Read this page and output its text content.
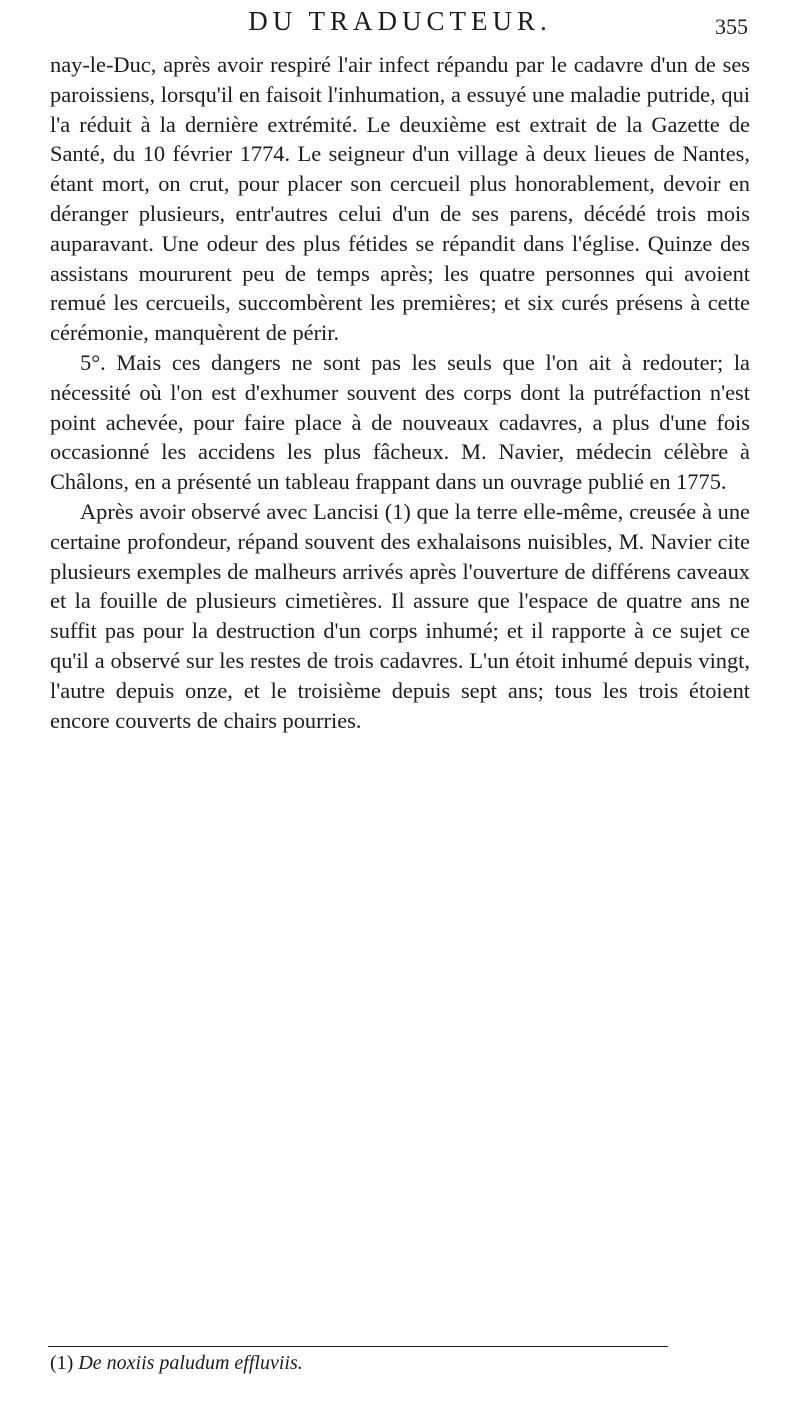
DU TRADUCTEUR.	355

nay-le-Duc, après avoir respiré l'air infect répandu par le cadavre d'un de ses paroissiens, lorsqu'il en faisoit l'inhumation, a essuyé une maladie putride, qui l'a réduit à la dernière extrémité. Le deuxième est extrait de la Gazette de Santé, du 10 février 1774. Le seigneur d'un village à deux lieues de Nantes, étant mort, on crut, pour placer son cercueil plus honorablement, devoir en déranger plusieurs, entr'autres celui d'un de ses parens, décédé trois mois auparavant. Une odeur des plus fétides se répandit dans l'église. Quinze des assistans moururent peu de temps après; les quatre personnes qui avoient remué les cercueils, succombèrent les premières; et six curés présens à cette cérémonie, manquèrent de périr.

5°. Mais ces dangers ne sont pas les seuls que l'on ait à redouter; la nécessité où l'on est d'exhumer souvent des corps dont la putréfaction n'est point achevée, pour faire place à de nouveaux cadavres, a plus d'une fois occasionné les accidens les plus fâcheux. M. Navier, médecin célèbre à Châlons, en a présenté un tableau frappant dans un ouvrage publié en 1775.

Après avoir observé avec Lancisi (1) que la terre elle-même, creusée à une certaine profondeur, répand souvent des exhalaisons nuisibles, M. Navier cite plusieurs exemples de malheurs arrivés après l'ouverture de différens caveaux et la fouille de plusieurs cimetières. Il assure que l'espace de quatre ans ne suffit pas pour la destruction d'un corps inhumé; et il rapporte à ce sujet ce qu'il a observé sur les restes de trois cadavres. L'un étoit inhumé depuis vingt, l'autre depuis onze, et le troisième depuis sept ans; tous les trois étoient encore couverts de chairs pourries.

(1) De noxiis paludum effluviis.
